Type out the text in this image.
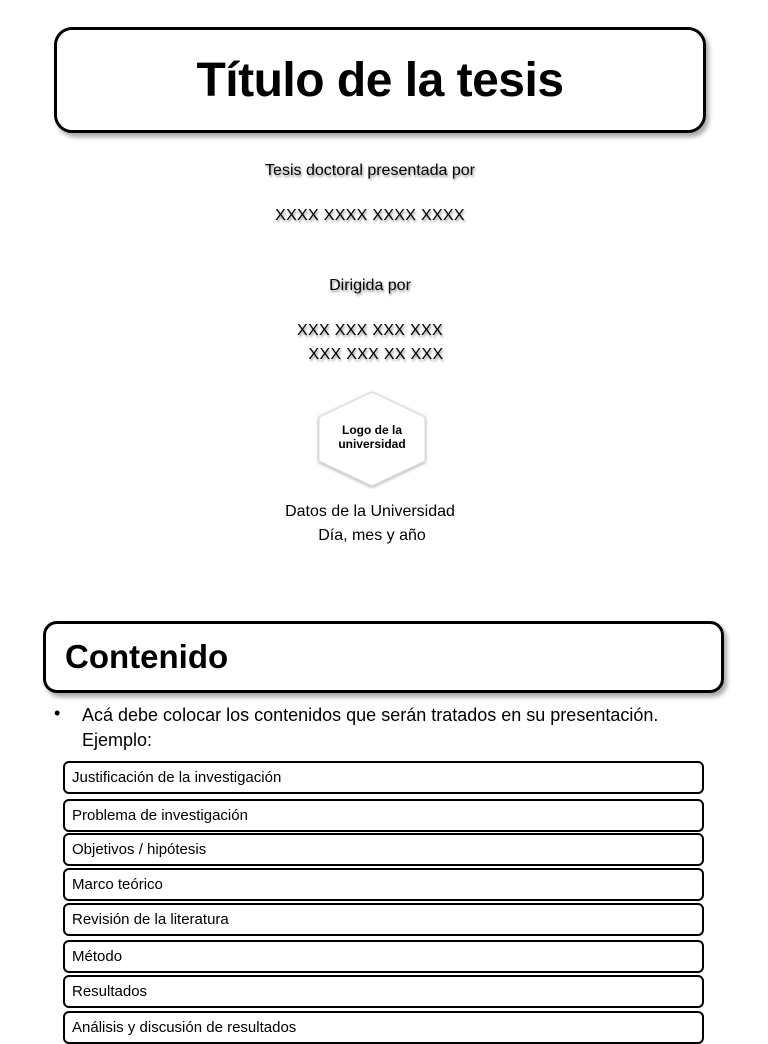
Título de la tesis
Tesis doctoral presentada por
XXXX XXXX XXXX XXXX
Dirigida por
XXX XXX XXX XXX
XXX XXX XX XXX
Logo de la
universidad
Datos de la Universidad
Día, mes y año
Contenido
• Acá debe colocar los contenidos que serán tratados en su presentación.
Ejemplo:
Justificación de la investigación
Problema de investigación
Objetivos / hipótesis
Marco teórico
Revisión de la literatura
Método
Resultados
Análisis y discusión de resultados
